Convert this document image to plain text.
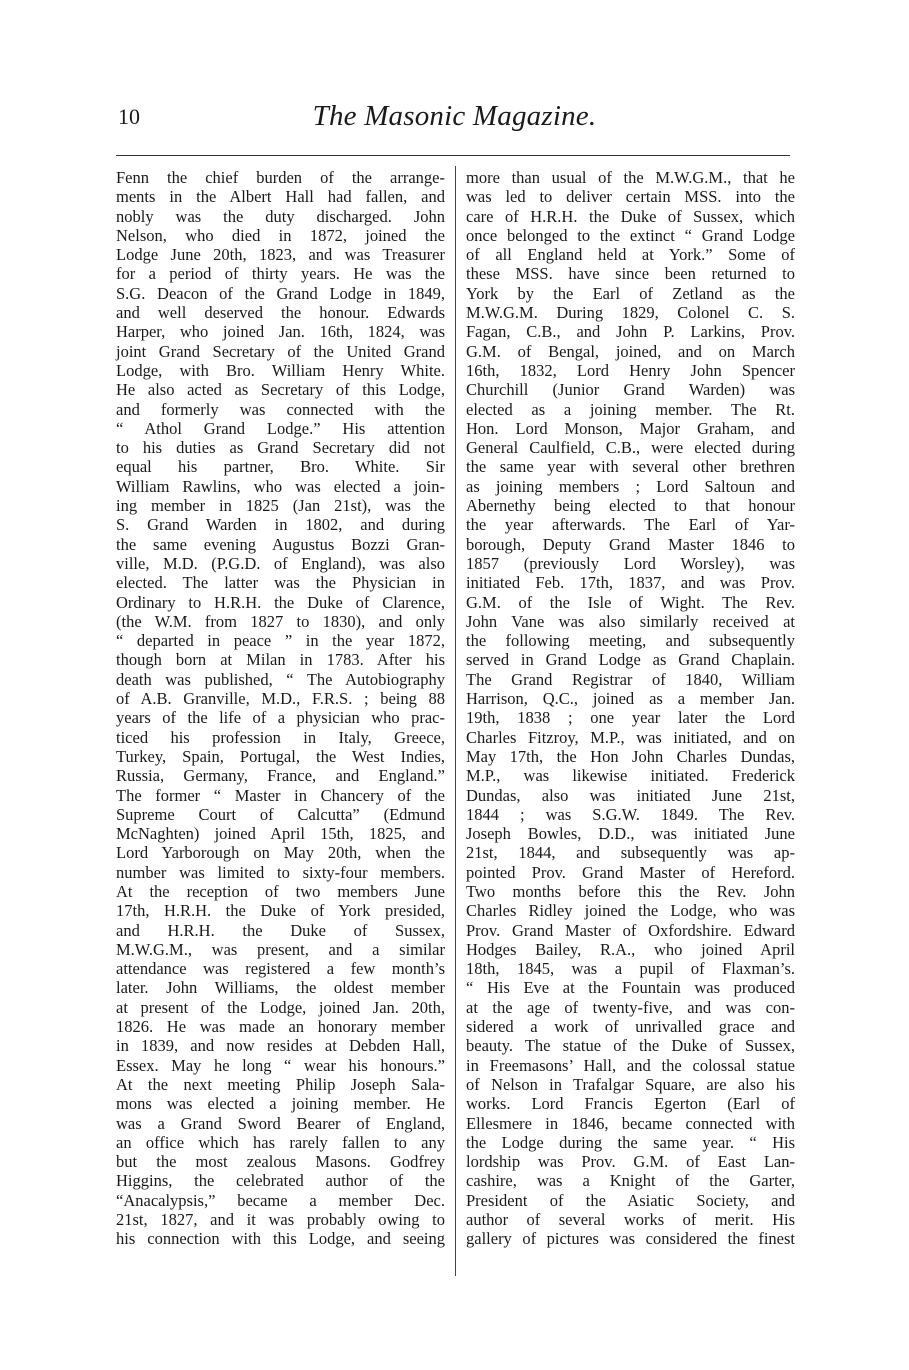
10	The Masonic Magazine.
Fenn the chief burden of the arrange-
ments in the Albert Hall had fallen, and
nobly was the duty discharged. John
Nelson, who died in 1872, joined the
Lodge June 20th, 1823, and was Treasurer
for a period of thirty years. He was the
S.G. Deacon of the Grand Lodge in 1849,
and well deserved the honour. Edwards
Harper, who joined Jan. 16th, 1824, was
joint Grand Secretary of the United Grand
Lodge, with Bro. William Henry White.
He also acted as Secretary of this Lodge,
and formerly was connected with the
“ Athol Grand Lodge.” His attention
to his duties as Grand Secretary did not
equal his partner, Bro. White. Sir
William Rawlins, who was elected a join-
ing member in 1825 (Jan 21st), was the
S. Grand Warden in 1802, and during
the same evening Augustus Bozzi Gran-
ville, M.D. (P.G.D. of England), was also
elected. The latter was the Physician in
Ordinary to H.R.H. the Duke of Clarence,
(the W.M. from 1827 to 1830), and only
“ departed in peace ” in the year 1872,
though born at Milan in 1783. After his
death was published, “ The Autobiography
of A.B. Granville, M.D., F.R.S. ; being 88
years of the life of a physician who prac-
ticed his profession in Italy, Greece,
Turkey, Spain, Portugal, the West Indies,
Russia, Germany, France, and England.”
The former “ Master in Chancery of the
Supreme Court of Calcutta” (Edmund
McNaghten) joined April 15th, 1825, and
Lord Yarborough on May 20th, when the
number was limited to sixty-four members.
At the reception of two members June
17th, H.R.H. the Duke of York presided,
and H.R.H. the Duke of Sussex,
M.W.G.M., was present, and a similar
attendance was registered a few month’s
later. John Williams, the oldest member
at present of the Lodge, joined Jan. 20th,
1826. He was made an honorary member
in 1839, and now resides at Debden Hall,
Essex. May he long “ wear his honours.”
At the next meeting Philip Joseph Sala-
mons was elected a joining member. He
was a Grand Sword Bearer of England,
an office which has rarely fallen to any
but the most zealous Masons. Godfrey
Higgins, the celebrated author of the
“Anacalypsis,” became a member Dec.
21st, 1827, and it was probably owing to
his connection with this Lodge, and seeing
more than usual of the M.W.G.M., that he
was led to deliver certain MSS. into the
care of H.R.H. the Duke of Sussex, which
once belonged to the extinct “ Grand Lodge
of all England held at York.” Some of
these MSS. have since been returned to
York by the Earl of Zetland as the
M.W.G.M. During 1829, Colonel C. S.
Fagan, C.B., and John P. Larkins, Prov.
G.M. of Bengal, joined, and on March
16th, 1832, Lord Henry John Spencer
Churchill (Junior Grand Warden) was
elected as a joining member. The Rt.
Hon. Lord Monson, Major Graham, and
General Caulfield, C.B., were elected during
the same year with several other brethren
as joining members ; Lord Saltoun and
Abernethy being elected to that honour
the year afterwards. The Earl of Yar-
borough, Deputy Grand Master 1846 to
1857 (previously Lord Worsley), was
initiated Feb. 17th, 1837, and was Prov.
G.M. of the Isle of Wight. The Rev.
John Vane was also similarly received at
the following meeting, and subsequently
served in Grand Lodge as Grand Chaplain.
The Grand Registrar of 1840, William
Harrison, Q.C., joined as a member Jan.
19th, 1838 ; one year later the Lord
Charles Fitzroy, M.P., was initiated, and on
May 17th, the Hon John Charles Dundas,
M.P., was likewise initiated. Frederick
Dundas, also was initiated June 21st,
1844 ; was S.G.W. 1849. The Rev.
Joseph Bowles, D.D., was initiated June
21st, 1844, and subsequently was ap-
pointed Prov. Grand Master of Hereford.
Two months before this the Rev. John
Charles Ridley joined the Lodge, who was
Prov. Grand Master of Oxfordshire. Edward
Hodges Bailey, R.A., who joined April
18th, 1845, was a pupil of Flaxman’s.
“ His Eve at the Fountain was produced
at the age of twenty-five, and was con-
sidered a work of unrivalled grace and
beauty. The statue of the Duke of Sussex,
in Freemasons’ Hall, and the colossal statue
of Nelson in Trafalgar Square, are also his
works. Lord Francis Egerton (Earl of
Ellesmere in 1846, became connected with
the Lodge during the same year. “ His
lordship was Prov. G.M. of East Lan-
cashire, was a Knight of the Garter,
President of the Asiatic Society, and
author of several works of merit. His
gallery of pictures was considered the finest
